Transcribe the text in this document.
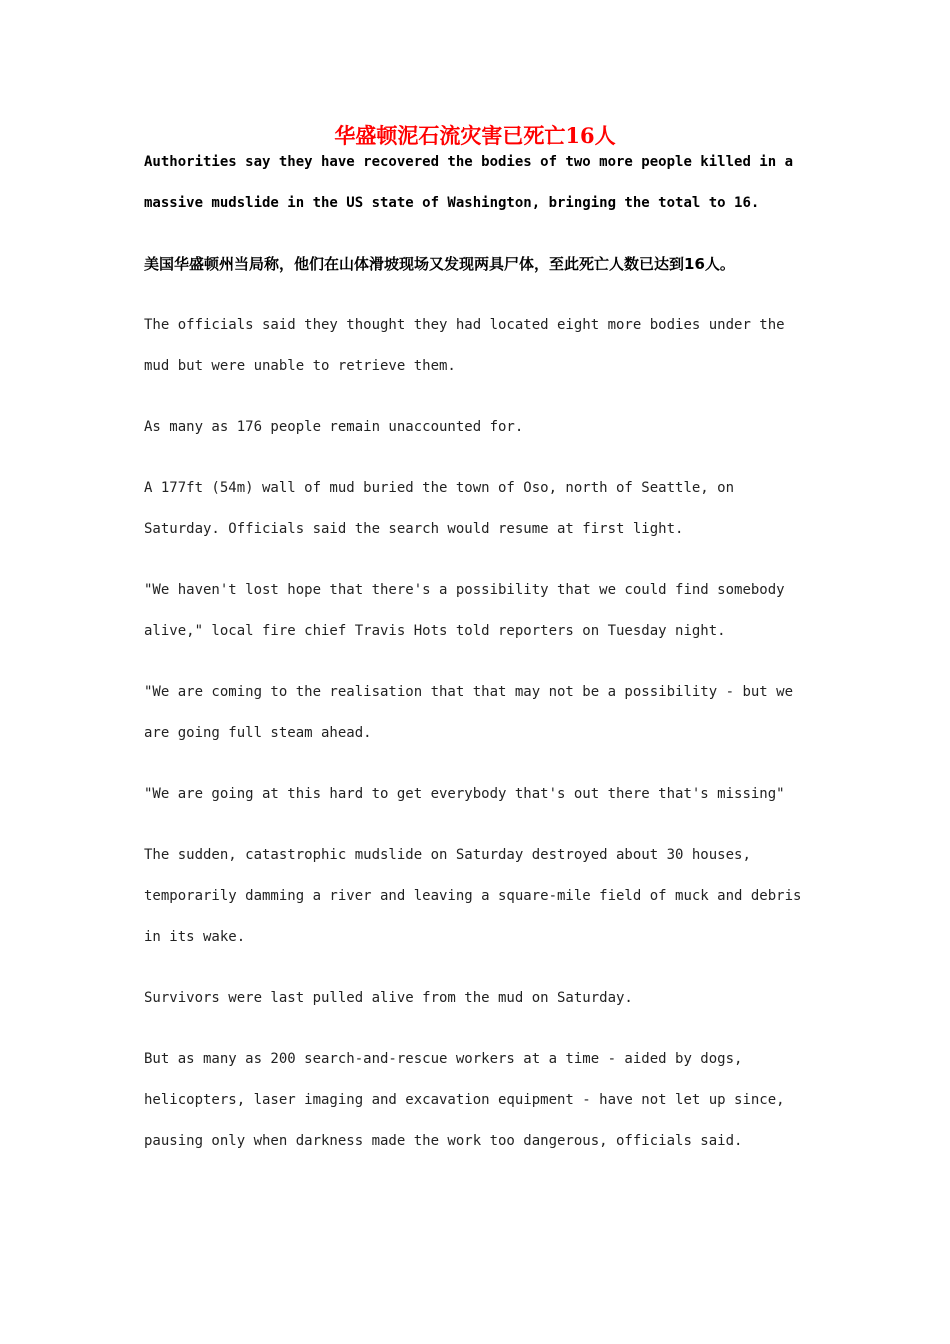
华盛顿泥石流灾害已死亡16人

Authorities say they have recovered the bodies of two more people killed in a

massive mudslide in the US state of Washington, bringing the total to 16.

美国华盛顿州当局称，他们在山体滑坡现场又发现两具尸体，至此死亡人数已达到16人。

The officials said they thought they had located eight more bodies under the

mud but were unable to retrieve them.

As many as 176 people remain unaccounted for.

A 177ft (54m) wall of mud buried the town of Oso, north of Seattle, on

Saturday. Officials said the search would resume at first light.

"We haven't lost hope that there's a possibility that we could find somebody

alive," local fire chief Travis Hots told reporters on Tuesday night.

"We are coming to the realisation that that may not be a possibility - but we

are going full steam ahead.

"We are going at this hard to get everybody that's out there that's missing"

The sudden, catastrophic mudslide on Saturday destroyed about 30 houses,

temporarily damming a river and leaving a square-mile field of muck and debris

in its wake.

Survivors were last pulled alive from the mud on Saturday.

But as many as 200 search-and-rescue workers at a time - aided by dogs,

helicopters, laser imaging and excavation equipment - have not let up since,

pausing only when darkness made the work too dangerous, officials said.
